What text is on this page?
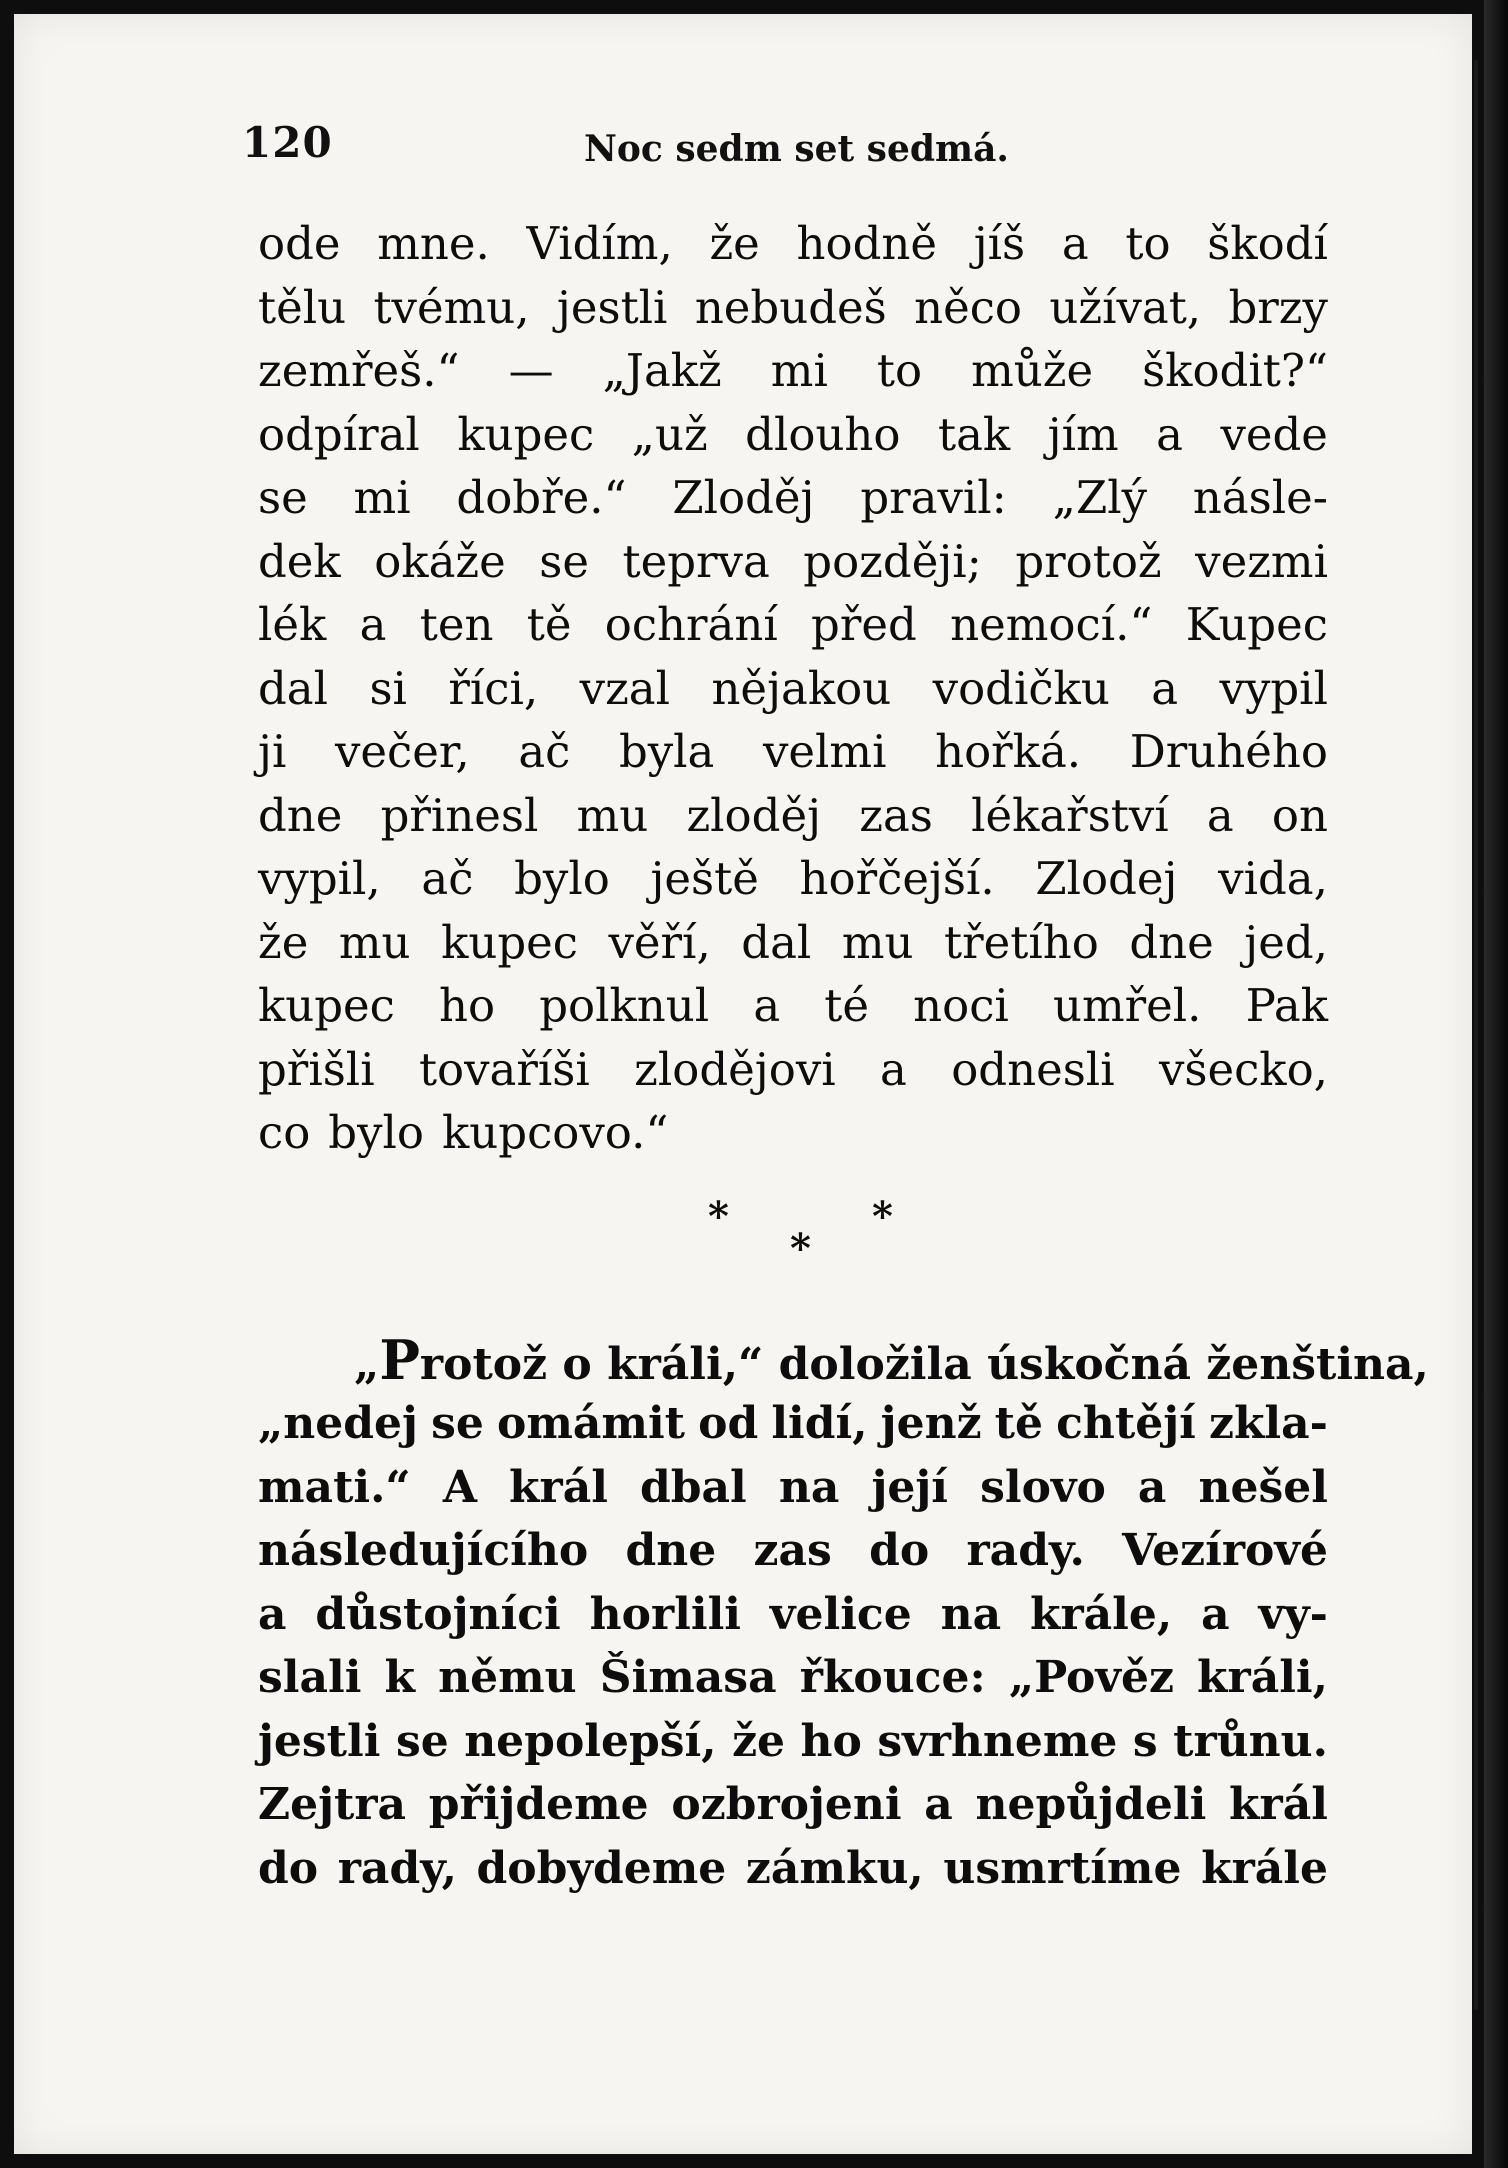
120	Noc sedm set sedmá.
ode mne. Vidím, že hodně jíš a to škodí
tělu tvému, jestli nebudeš něco užívat, brzy
zemřeš.“ — „Jakž mi to může škodit?“
odpíral kupec „už dlouho tak jím a vede
se mi dobře.“ Zloděj pravil: „Zlý násle-
dek okáže se teprva později; protož vezmi
lék a ten tě ochrání před nemocí.“ Kupec
dal si říci, vzal nějakou vodičku a vypil
ji večer, ač byla velmi hořká. Druhého
dne přinesl mu zloděj zas lékařství a on
vypil, ač bylo ještě hořčejší. Zlodej vida,
že mu kupec věří, dal mu třetího dne jed,
kupec ho polknul a té noci umřel. Pak
přišli tovaříši zlodějovi a odnesli všecko,
co bylo kupcovo.“
*	*
*
„Protož o králi,“ doložila úskočná ženština,
„nedej se omámit od lidí, jenž tě chtějí zkla-
mati.“ A král dbal na její slovo a nešel
následujícího dne zas do rady. Vezírové
a důstojníci horlili velice na krále, a vy-
slali k němu Šimasa řkouce: „Pověz králi,
jestli se nepolepší, že ho svrhneme s trůnu.
Zejtra přijdeme ozbrojeni a nepůjdeli král
do rady, dobydeme zámku, usmrtíme krále
